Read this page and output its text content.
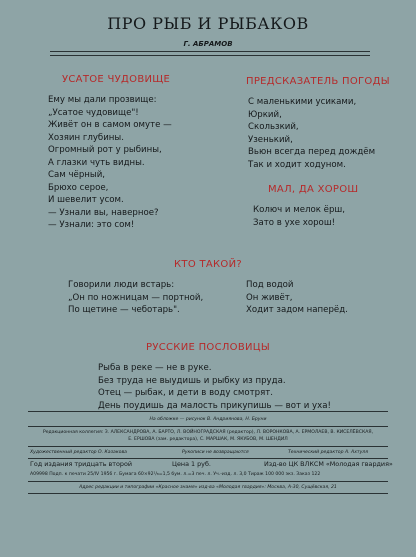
ПРО РЫБ И РЫБАКОВ
Г. АБРАМОВ
УСАТОЕ ЧУДОВИЩЕ
Ему мы дали прозвище:
„Усатое чудовище"!
Живёт он в самом омуте —
Хозяин глубины.
Огромный рот у рыбины,
А глазки чуть видны.
Сам чёрный,
Брюхо серое,
И шевелит усом.
— Узнали вы, наверное?
— Узнали: это сом!
ПРЕДСКАЗАТЕЛЬ ПОГОДЫ
С маленькими усиками,
Юркий,
Скользкий,
Узенький,
Вьюн всегда перед дождём
Так и ходит ходуном.
МАЛ, ДА ХОРОШ
Колюч и мелок ёрш,
Зато в ухе хорош!
КТО ТАКОЙ?
Говорили люди встарь:
„Он по ножницам — портной,
По щетине — чеботарь".
Под водой
Он живёт,
Ходит задом наперёд.
РУССКИЕ ПОСЛОВИЦЫ
Рыба в реке — не в руке.
Без труда не выудишь и рыбку из пруда.
Отец — рыбак, и дети в воду смотрят.
День поудишь да малость прикупишь — вот и уха!
На обложке — рисунок В. Андриянова, Н. Бруни
Редакционная коллегия: З. АЛЕКСАНДРОВА, А. БАРТО, Л. ВОЙНОГРАДСКАЯ (редактор), Л. ВОРОНКОВА, А. ЕРМОЛАЕВ, В. КИСЕЛЁВСКАЯ,
Е. ЕРШОВА (зам. редактора), С. МАРШАК, М. ЯКУБОВ, М. ШЕНДИЛ
Художественный редактор О. Казакова	Рукописи не возвращаются	Технический редактор А. Ахтуля
Год издания тридцать второй	Цена 1 руб.	Изд-во ЦК ВЛКСМ «Молодая гвардия»
А09998 Подп. к печати 25/IV 1956 г. Бумага 60×92¹/₈=1,5 бум. л.=3 печ. л. Уч.-изд. л. 3,0 Тираж 100 000 экз. Заказ 122
Адрес редакции и типографии «Красное знамя» изд-ва «Молодая гвардия»: Москва, А-30, Сущёвская, 21
